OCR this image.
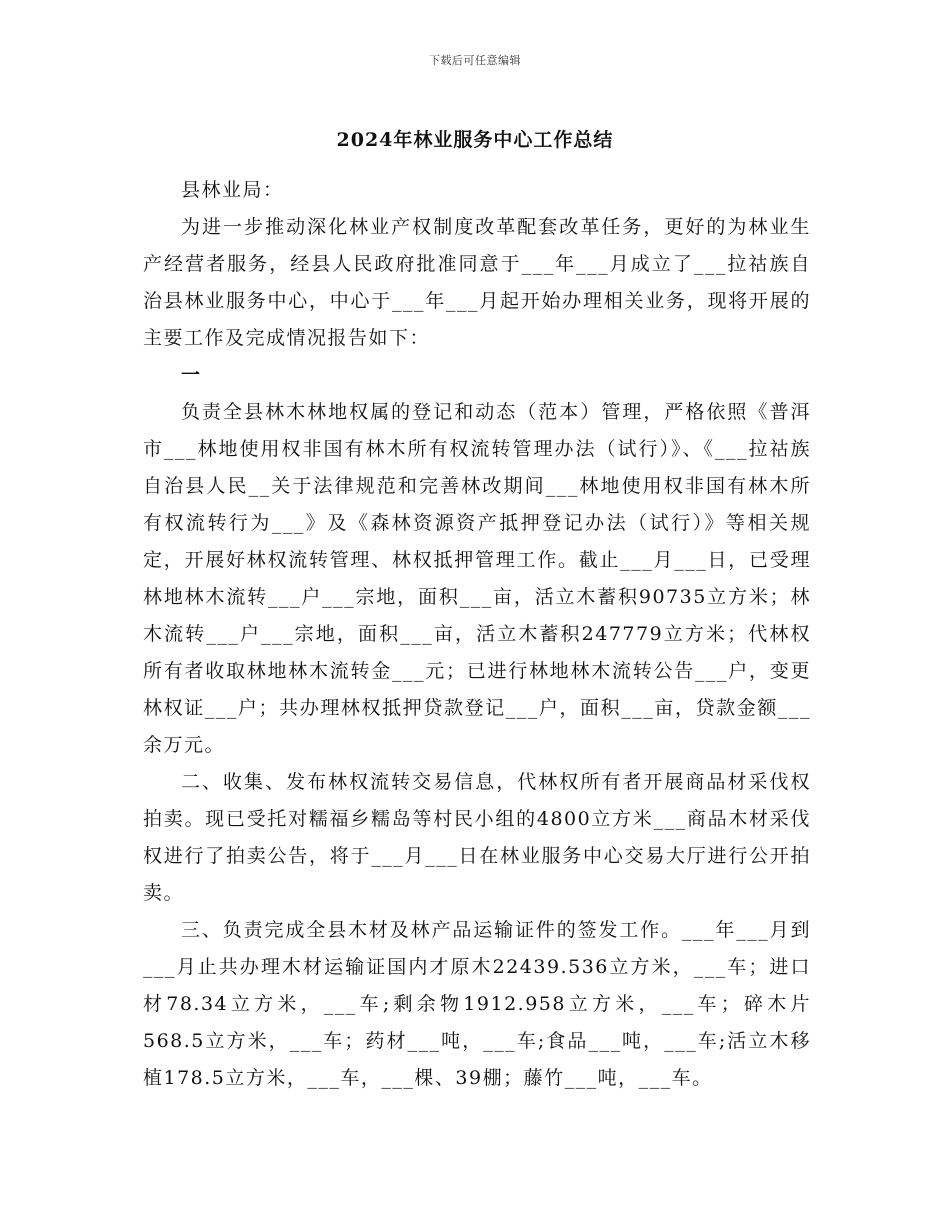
下载后可任意编辑
2024年林业服务中心工作总结

县林业局：

为进一步推动深化林业产权制度改革配套改革任务，更好的为林业生产经营者服务，经县人民政府批准同意于___年___月成立了___拉祜族自治县林业服务中心，中心于___年___月起开始办理相关业务，现将开展的主要工作及完成情况报告如下：

一

负责全县林木林地权属的登记和动态（范本）管理，严格依照《普洱市___林地使用权非国有林木所有权流转管理办法（试行）》、《___拉祜族自治县人民__关于法律规范和完善林改期间___林地使用权非国有林木所有权流转行为___》及《森林资源资产抵押登记办法（试行）》等相关规定，开展好林权流转管理、林权抵押管理工作。截止___月___日，已受理林地林木流转___户___宗地，面积___亩，活立木蓄积90735立方米；林木流转___户___宗地，面积___亩，活立木蓄积247779立方米；代林权所有者收取林地林木流转金___元；已进行林地林木流转公告___户，变更林权证___户；共办理林权抵押贷款登记___户，面积___亩，贷款金额___余万元。

二、收集、发布林权流转交易信息，代林权所有者开展商品材采伐权拍卖。现已受托对糯福乡糯岛等村民小组的4800立方米___商品木材采伐权进行了拍卖公告，将于___月___日在林业服务中心交易大厅进行公开拍卖。

三、负责完成全县木材及林产品运输证件的签发工作。___年___月到___月止共办理木材运输证国内才原木22439.536立方米，___车；进口材78.34立方米，___车;剩余物1912.958立方米，___车；碎木片568.5立方米，___车；药材___吨，___车;食品___吨，___车;活立木移植178.5立方米，___车，___棵、39棚；藤竹___吨，___车。
